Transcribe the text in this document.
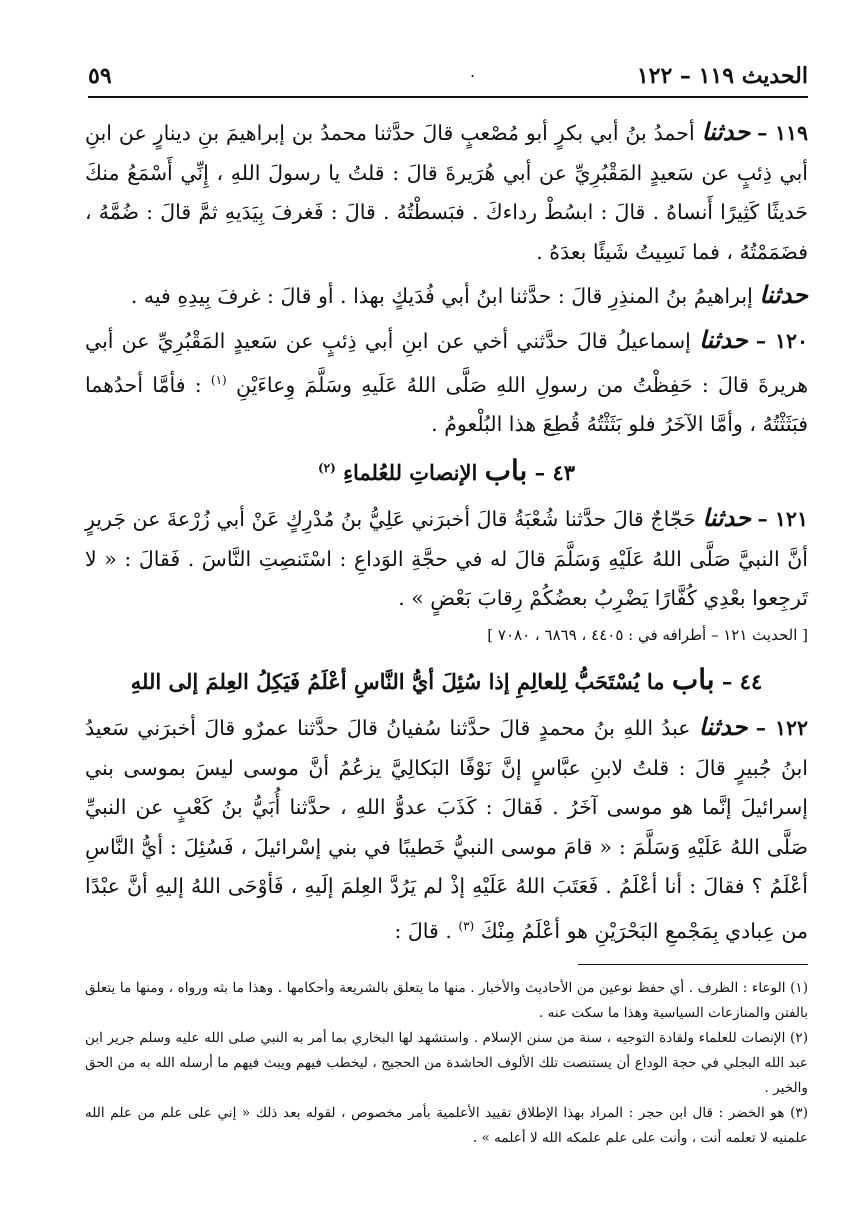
الحديث ١١٩ – ١٢٢
٥٩	.

١١٩ – حدثنا أحمدُ بنُ أبي بكرٍ أبو مُصْعبٍ قالَ حدَّثنا محمدُ بن إبراهيمَ بنِ دينارٍ عن ابنِ أبي ذِئبٍ عن سَعيدٍ المَقْبُرِيِّ عن أبي هُرَيرةَ قالَ : قلتُ يا رسولَ اللهِ ، إِنِّي أَسْمَعُ منكَ حَديثًا كَثِيرًا أَنساهُ . قالَ : ابسُطْ رداءكَ . فبَسطْتُهُ . قالَ : فَغرفَ بِيَدَيهِ ثمَّ قالَ : ضُمَّهُ ، فضَمَمْتُهُ ، فما نَسِيتُ شَيئًا بعدَهُ .

حدثنا إبراهيمُ بنُ المنذِرِ قالَ : حدَّثنا ابنُ أبي فُدَيكٍ بهذا . أو قالَ : غرفَ بِيدِهِ فيه .

١٢٠ – حدثنا إسماعيلُ قالَ حدَّثني أخي عن ابنِ أبي ذِئبٍ عن سَعيدٍ المَقْبُرِيِّ عن أبي هريرةَ قالَ : حَفِظْتُ من رسولِ اللهِ صَلَّى اللهُ عَلَيهِ وسَلَّمَ وِعاءَيْنِ $^{(١)}$ : فأمَّا أحدُهما فبَثَثْتُهُ ، وأمَّا الآخَرُ فلو بَثَثْتُهُ قُطِعَ هذا البُلْعومُ .

٤٣ – باب الإنصاتِ للعُلماءِ $^{(٢)}$

١٢١ – حدثنا حَجّاجٌ قالَ حدَّثنا شُعْبَةُ قالَ أخبرَني عَلِيُّ بنُ مُدْرِكٍ عَنْ أبي زُرْعةَ عن جَريرٍ أنَّ النبيَّ صَلَّى اللهُ عَلَيْهِ وَسَلَّمَ قالَ له في حجَّةِ الوَداعِ : اسْتَنصِتِ النَّاسَ . فَقالَ : « لا تَرجِعوا بعْدِي كُفَّارًا يَضْرِبُ بعضُكُمْ رِقابَ بَعْضٍ » .

[ الحديث ١٢١ – أطرافه في : ٤٤٠٥ ، ٦٨٦٩ ، ٧٠٨٠ ]

٤٤ – باب ما يُسْتَحَبُّ لِلعالِمِ إذا سُئِلَ أيُّ النَّاسِ أعْلَمُ فَيَكِلُ العِلمَ إلى اللهِ

١٢٢ – حدثنا عبدُ اللهِ بنُ محمدٍ قالَ حدَّثنا سُفيانُ قالَ حدَّثنا عمرٌو قالَ أخبرَني سَعيدُ ابنُ جُبيرٍ قالَ : قلتُ لابنِ عبَّاسٍ إنَّ نَوْفًا البَكالِيَّ يزعُمُ أنَّ موسى ليسَ بموسى بني إسرائيلَ إنَّما هو موسى آخَرُ . فَقالَ : كَذَبَ عدوُّ اللهِ ، حدَّثنا أُبَيُّ بنُ كَعْبٍ عن النبيِّ صَلَّى اللهُ عَلَيْهِ وَسَلَّمَ : « قامَ موسى النبيُّ خَطيبًا في بني إسْرائيلَ ، فَسُئِلَ : أيُّ النَّاسِ أعْلَمُ ؟ فقالَ : أنا أعْلَمُ . فَعَتَبَ اللهُ عَلَيْهِ إذْ لم يَرُدَّ العِلمَ إلَيهِ ، فَأوْحَى اللهُ إليهِ أنَّ عبْدًا من عِبادي بِمَجْمعِ البَحْرَيْنِ هو أعْلَمُ مِنْكَ $^{(٣)}$ . قالَ :

(١) الوعاء : الظرف . أي حفظ نوعين من الأحاديث والأخبار . منها ما يتعلق بالشريعة وأحكامها . وهذا ما بثه ورواه ، ومنها ما يتعلق بالفتن والمنازعات السياسية وهذا ما سكت عنه .

(٢) الإنصات للعلماء ولقادة التوجيه ، سنة من سنن الإسلام . واستشهد لها البخاري بما أمر به النبي صلى الله عليه وسلم جرير ابن عبد الله البجلي في حجة الوداع أن يستنصت تلك الألوف الحاشدة من الحجيج ، ليخطب فيهم ويبث فيهم ما أرسله الله به من الحق والخير .

(٣) هو الخضر : قال ابن حجر : المراد بهذا الإطلاق تقييد الأعلمية بأمر مخصوص ، لقوله بعد ذلك « إني على علم من علم الله علمنيه لا تعلمه أنت ، وأنت على علم علمكه الله لا أعلمه » .
